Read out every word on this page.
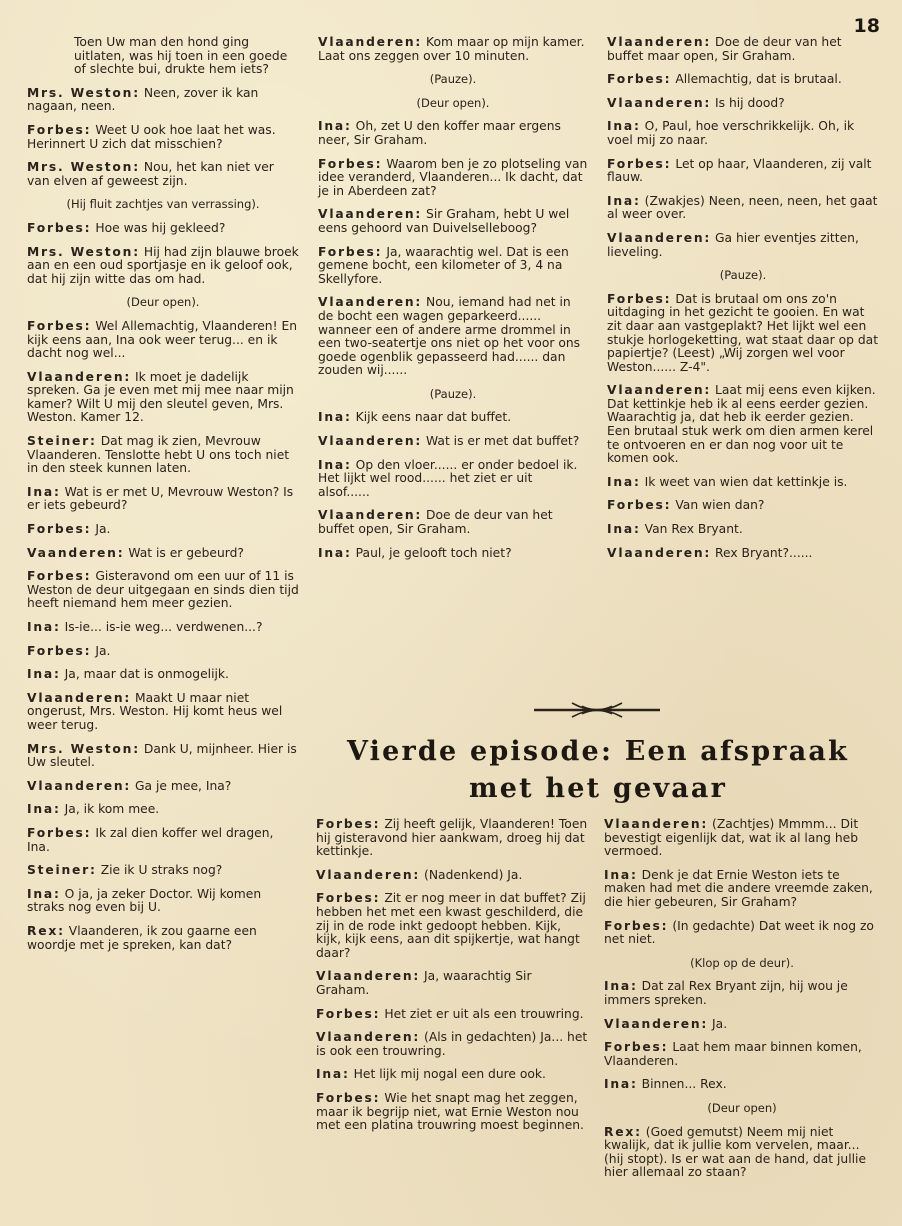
18
Toen Uw man den hond ging uitlaten, was hij toen in een goede of slechte bui, drukte hem iets?
Mrs. Weston: Neen, zover ik kan nagaan, neen.
Forbes: Weet U ook hoe laat het was. Herinnert U zich dat misschien?
Mrs. Weston: Nou, het kan niet ver van elven af geweest zijn.
(Hij fluit zachtjes van verrassing).
Forbes: Hoe was hij gekleed?
Mrs. Weston: Hij had zijn blauwe broek aan en een oud sportjasje en ik geloof ook, dat hij zijn witte das om had.
(Deur open).
Forbes: Wel Allemachtig, Vlaanderen! En kijk eens aan, Ina ook weer terug... en ik dacht nog wel...
Vlaanderen: Ik moet je dadelijk spreken. Ga je even met mij mee naar mijn kamer? Wilt U mij den sleutel geven, Mrs. Weston. Kamer 12.
Steiner: Dat mag ik zien, Mevrouw Vlaanderen. Tenslotte hebt U ons toch niet in den steek kunnen laten.
Ina: Wat is er met U, Mevrouw Weston? Is er iets gebeurd?
Forbes: Ja.
Vaanderen: Wat is er gebeurd?
Forbes: Gisteravond om een uur of 11 is Weston de deur uitgegaan en sinds dien tijd heeft niemand hem meer gezien.
Ina: Is-ie... is-ie weg... verdwenen...?
Forbes: Ja.
Ina: Ja, maar dat is onmogelijk.
Vlaanderen: Maakt U maar niet ongerust, Mrs. Weston. Hij komt heus wel weer terug.
Mrs. Weston: Dank U, mijnheer. Hier is Uw sleutel.
Vlaanderen: Ga je mee, Ina?
Ina: Ja, ik kom mee.
Forbes: Ik zal dien koffer wel dragen, Ina.
Steiner: Zie ik U straks nog?
Ina: O ja, ja zeker Doctor. Wij komen straks nog even bij U.
Rex: Vlaanderen, ik zou gaarne een woordje met je spreken, kan dat?
Vlaanderen: Kom maar op mijn kamer. Laat ons zeggen over 10 minuten.
(Pauze).
(Deur open).
Ina: Oh, zet U den koffer maar ergens neer, Sir Graham.
Forbes: Waarom ben je zo plotseling van idee veranderd, Vlaanderen... Ik dacht, dat je in Aberdeen zat?
Vlaanderen: Sir Graham, hebt U wel eens gehoord van Duivelselleboog?
Forbes: Ja, waarachtig wel. Dat is een gemene bocht, een kilometer of 3, 4 na Skellyfore.
Vlaanderen: Nou, iemand had net in de bocht een wagen geparkeerd...... wanneer een of andere arme drommel in een two-seatertje ons niet op het voor ons goede ogenblik gepasseerd had...... dan zouden wij......
(Pauze).
Ina: Kijk eens naar dat buffet.
Vlaanderen: Wat is er met dat buffet?
Ina: Op den vloer...... er onder bedoel ik. Het lijkt wel rood...... het ziet er uit alsof......
Vlaanderen: Doe de deur van het buffet open, Sir Graham.
Ina: Paul, je gelooft toch niet?
Vlaanderen: Doe de deur van het buffet maar open, Sir Graham.
Forbes: Allemachtig, dat is brutaal.
Vlaanderen: Is hij dood?
Ina: O, Paul, hoe verschrikkelijk. Oh, ik voel mij zo naar.
Forbes: Let op haar, Vlaanderen, zij valt flauw.
Ina: (Zwakjes) Neen, neen, neen, het gaat al weer over.
Vlaanderen: Ga hier eventjes zitten, lieveling.
(Pauze).
Forbes: Dat is brutaal om ons zo'n uitdaging in het gezicht te gooien. En wat zit daar aan vastgeplakt? Het lijkt wel een stukje horlogeketting, wat staat daar op dat papiertje? (Leest) „Wij zorgen wel voor Weston...... Z-4".
Vlaanderen: Laat mij eens even kijken. Dat kettinkje heb ik al eens eerder gezien. Waarachtig ja, dat heb ik eerder gezien. Een brutaal stuk werk om dien armen kerel te ontvoeren en er dan nog voor uit te komen ook.
Ina: Ik weet van wien dat kettinkje is.
Forbes: Van wien dan?
Ina: Van Rex Bryant.
Vlaanderen: Rex Bryant?......
Vierde episode: Een afspraak
met het gevaar
Forbes: Zij heeft gelijk, Vlaanderen! Toen hij gisteravond hier aankwam, droeg hij dat kettinkje.
Vlaanderen: (Nadenkend) Ja.
Forbes: Zit er nog meer in dat buffet? Zij hebben het met een kwast geschilderd, die zij in de rode inkt gedoopt hebben. Kijk, kijk, kijk eens, aan dit spijkertje, wat hangt daar?
Vlaanderen: Ja, waarachtig Sir Graham.
Forbes: Het ziet er uit als een trouwring.
Vlaanderen: (Als in gedachten) Ja... het is ook een trouwring.
Ina: Het lijk mij nogal een dure ook.
Forbes: Wie het snapt mag het zeggen, maar ik begrijp niet, wat Ernie Weston nou met een platina trouwring moest beginnen.
Vlaanderen: (Zachtjes) Mmmm... Dit bevestigt eigenlijk dat, wat ik al lang heb vermoed.
Ina: Denk je dat Ernie Weston iets te maken had met die andere vreemde zaken, die hier gebeuren, Sir Graham?
Forbes: (In gedachte) Dat weet ik nog zo net niet.
(Klop op de deur).
Ina: Dat zal Rex Bryant zijn, hij wou je immers spreken.
Vlaanderen: Ja.
Forbes: Laat hem maar binnen komen, Vlaanderen.
Ina: Binnen... Rex.
(Deur open)
Rex: (Goed gemutst) Neem mij niet kwalijk, dat ik jullie kom vervelen, maar... (hij stopt). Is er wat aan de hand, dat jullie hier allemaal zo staan?
